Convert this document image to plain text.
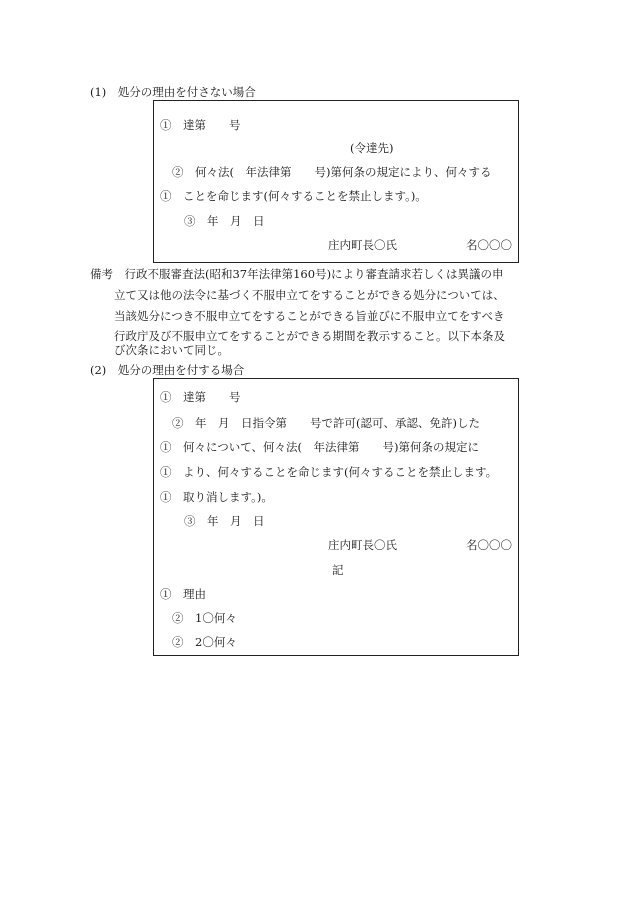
(1)　処分の理由を付さない場合
①　達第　　号
(令達先)
②　何々法(　年法律第　　号)第何条の規定により、何々する
①　ことを命じます(何々することを禁止します。)。
③　年　月　日
庄内町長〇氏	名〇〇〇
備考　行政不服審査法(昭和37年法律第160号)により審査請求若しくは異議の申
立て又は他の法令に基づく不服申立てをすることができる処分については、
当該処分につき不服申立てをすることができる旨並びに不服申立てをすべき
行政庁及び不服申立てをすることができる期間を教示すること。以下本条及
び次条において同じ。
(2)　処分の理由を付する場合
①　達第　　号
②　年　月　日指令第　　号で許可(認可、承認、免許)した
①　何々について、何々法(　年法律第　　号)第何条の規定に
①　より、何々することを命じます(何々することを禁止します。
①　取り消します。)。
③　年　月　日
庄内町長〇氏	名〇〇〇
記
①　理由
②　1〇何々
②　2〇何々
